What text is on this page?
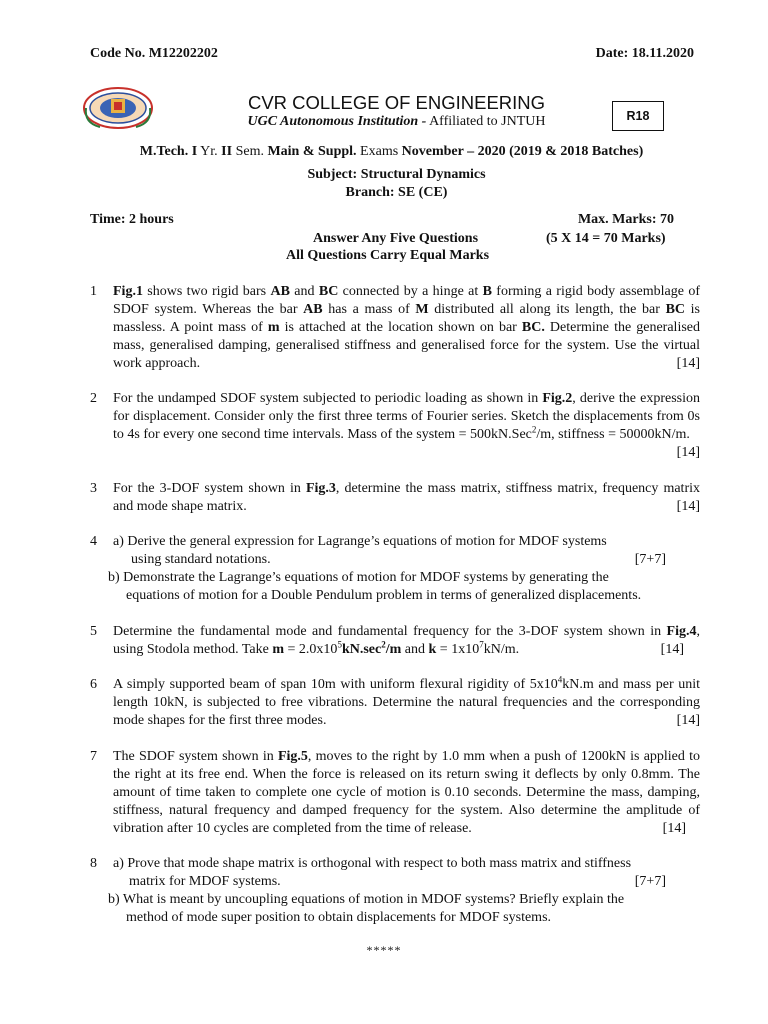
Code No. M12202202	Date: 18.11.2020
CVR COLLEGE OF ENGINEERING
UGC Autonomous Institution - Affiliated to JNTUH	R18
M.Tech. I Yr. II Sem. Main & Suppl. Exams November – 2020 (2019 & 2018 Batches)
Subject: Structural Dynamics
Branch: SE (CE)
Time: 2 hours	Max. Marks: 70
Answer Any Five Questions	(5 X 14 = 70 Marks)
All Questions Carry Equal Marks
1	Fig.1 shows two rigid bars AB and BC connected by a hinge at B forming a rigid body assemblage of SDOF system. Whereas the bar AB has a mass of M distributed all along its length, the bar BC is massless. A point mass of m is attached at the location shown on bar BC. Determine the generalised mass, generalised damping, generalised stiffness and generalised force for the system. Use the virtual work approach.	[14]
2	For the undamped SDOF system subjected to periodic loading as shown in Fig.2, derive the expression for displacement. Consider only the first three terms of Fourier series. Sketch the displacements from 0s to 4s for every one second time intervals. Mass of the system = 500kN.Sec$^2$/m, stiffness = 50000kN/m.
[14]
3	For the 3-DOF system shown in Fig.3, determine the mass matrix, stiffness matrix, frequency matrix and mode shape matrix.	[14]
4	a) Derive the general expression for Lagrange’s equations of motion for MDOF systems
using standard notations.	[7+7]
b) Demonstrate the Lagrange’s equations of motion for MDOF systems by generating the
equations of motion for a Double Pendulum problem in terms of generalized displacements.
5	Determine the fundamental mode and fundamental frequency for the 3-DOF system shown in Fig.4, using Stodola method. Take $m = 2.0x10^5kN.\sec^2/m$ and $k = 1x10^7kN/m$.	[14]
6	A simply supported beam of span 10m with uniform flexural rigidity of $5x10^4kN.m$ and mass per unit length 10kN, is subjected to free vibrations. Determine the natural frequencies and the corresponding mode shapes for the first three modes.	[14]
7	The SDOF system shown in Fig.5, moves to the right by 1.0 mm when a push of 1200kN is applied to the right at its free end. When the force is released on its return swing it deflects by only 0.8mm. The amount of time taken to complete one cycle of motion is 0.10 seconds. Determine the mass, damping, stiffness, natural frequency and damped frequency for the system. Also determine the amplitude of vibration after 10 cycles are completed from the time of release.	[14]
8	a) Prove that mode shape matrix is orthogonal with respect to both mass matrix and stiffness
matrix for MDOF systems.	[7+7]
b) What is meant by uncoupling equations of motion in MDOF systems? Briefly explain the
method of mode super position to obtain displacements for MDOF systems.
*****
